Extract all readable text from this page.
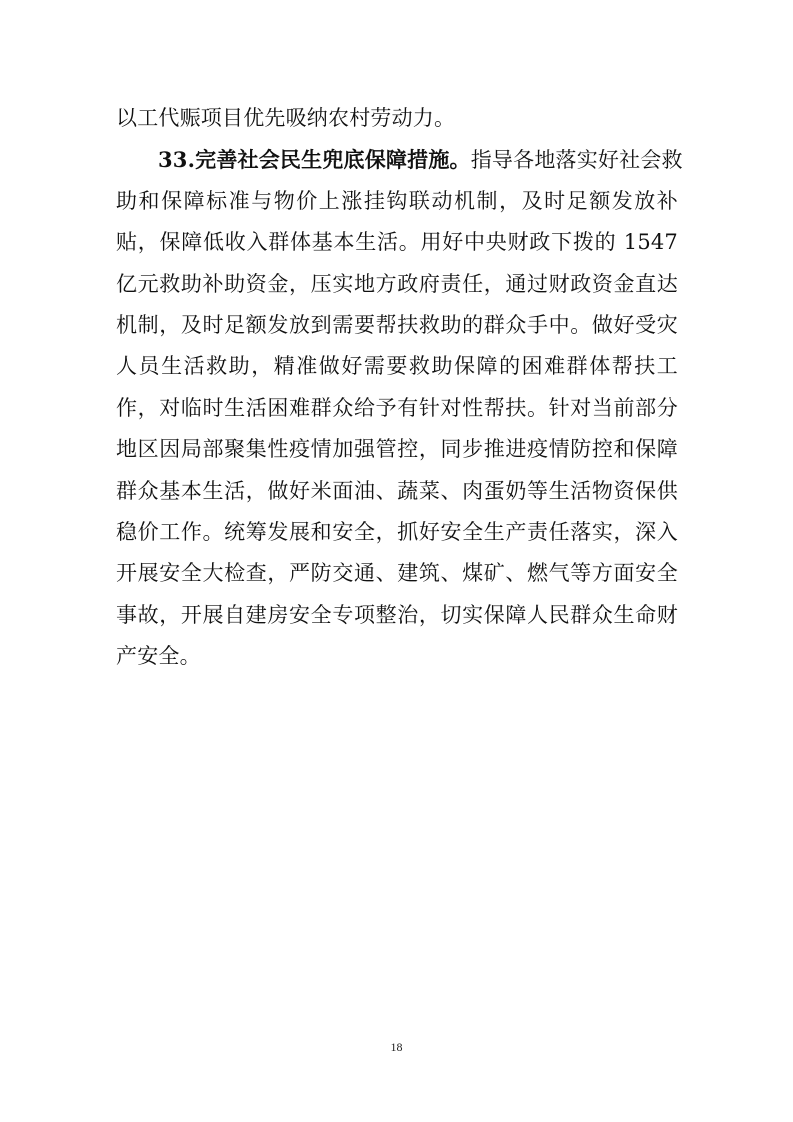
以工代赈项目优先吸纳农村劳动力。
33.完善社会民生兜底保障措施。指导各地落实好社会救
助和保障标准与物价上涨挂钩联动机制，及时足额发放补
贴，保障低收入群体基本生活。用好中央财政下拨的 1547
亿元救助补助资金，压实地方政府责任，通过财政资金直达
机制，及时足额发放到需要帮扶救助的群众手中。做好受灾
人员生活救助，精准做好需要救助保障的困难群体帮扶工
作，对临时生活困难群众给予有针对性帮扶。针对当前部分
地区因局部聚集性疫情加强管控，同步推进疫情防控和保障
群众基本生活，做好米面油、蔬菜、肉蛋奶等生活物资保供
稳价工作。统筹发展和安全，抓好安全生产责任落实，深入
开展安全大检查，严防交通、建筑、煤矿、燃气等方面安全
事故，开展自建房安全专项整治，切实保障人民群众生命财
产安全。
18
